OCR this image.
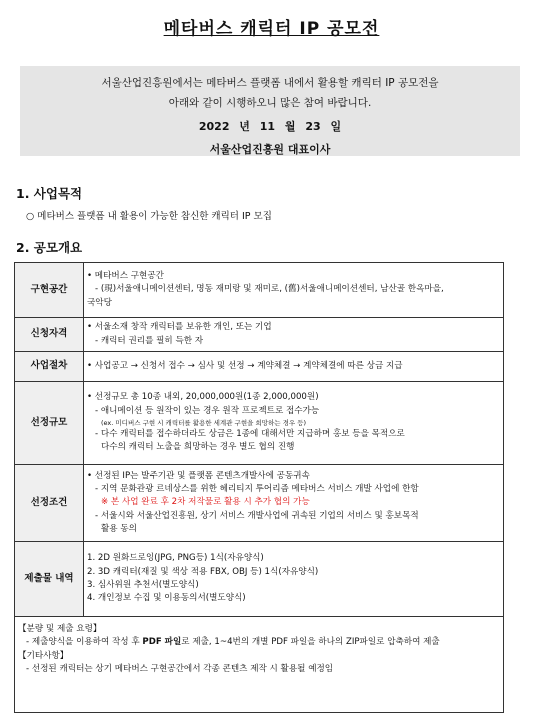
메타버스 캐릭터 IP 공모전
서울산업진흥원에서는 메타버스 플랫폼 내에서 활용할 캐릭터 IP 공모전을
아래와 같이 시행하오니 많은 참여 바랍니다.
2022 년 11 월 23 일
서울산업진흥원 대표이사
1. 사업목적
○ 메타버스 플랫폼 내 활용이 가능한 참신한 캐릭터 IP 모집
2. 공모개요
구현공간	• 메타버스 구현공간
- (現)서울애니메이션센터, 명동 재미랑 및 재미로, (舊)서울애니메이션센터, 남산골 한옥마을,
국악당

신청자격	• 서울소재 창작 캐릭터를 보유한 개인, 또는 기업
- 캐릭터 권리를 필히 득한 자

사업절차	• 사업공고 → 신청서 접수 → 심사 및 선정 → 계약체결 → 계약체결에 따른 상금 지급

선정규모	• 선정규모 총 10종 내외, 20,000,000원(1종 2,000,000원)
- 애니메이션 등 원작이 있는 경우 원작 프로젝트로 접수가능
(ex. 미디버스 구현 시 캐릭터를 활용한 세계관 구현을 희망하는 경우 등)
- 다수 캐릭터를 접수하더라도 상금은 1종에 대해서만 지급하며 홍보 등을 목적으로
다수의 캐릭터 노출을 희망하는 경우 별도 협의 진행

선정조건	• 선정된 IP는 발주기관 및 플랫폼 콘텐츠개발사에 공동귀속
- 지역 문화관광 르네상스를 위한 헤리티지 투어리즘 메타버스 서비스 개발 사업에 한함
※ 본 사업 완료 후 2차 저작물로 활용 시 추가 협의 가능
- 서울시와 서울산업진흥원, 상기 서비스 개발사업에 귀속된 기업의 서비스 및 홍보목적
활용 동의

제출물 내역	1. 2D 원화드로잉(JPG, PNG등) 1식(자유양식)
2. 3D 캐릭터(재질 및 색상 적용 FBX, OBJ 등) 1식(자유양식)
3. 심사위원 추천서(별도양식)
4. 개인정보 수집 및 이용동의서(별도양식)

【분량 및 제출 요령】
- 제출양식을 이용하여 작성 후 PDF 파일로 제출, 1~4번의 개별 PDF 파일을 하나의 ZIP파일로 압축하여 제출
【기타사항】
- 선정된 캐릭터는 상기 메타버스 구현공간에서 각종 콘텐츠 제작 시 활용될 예정임	
